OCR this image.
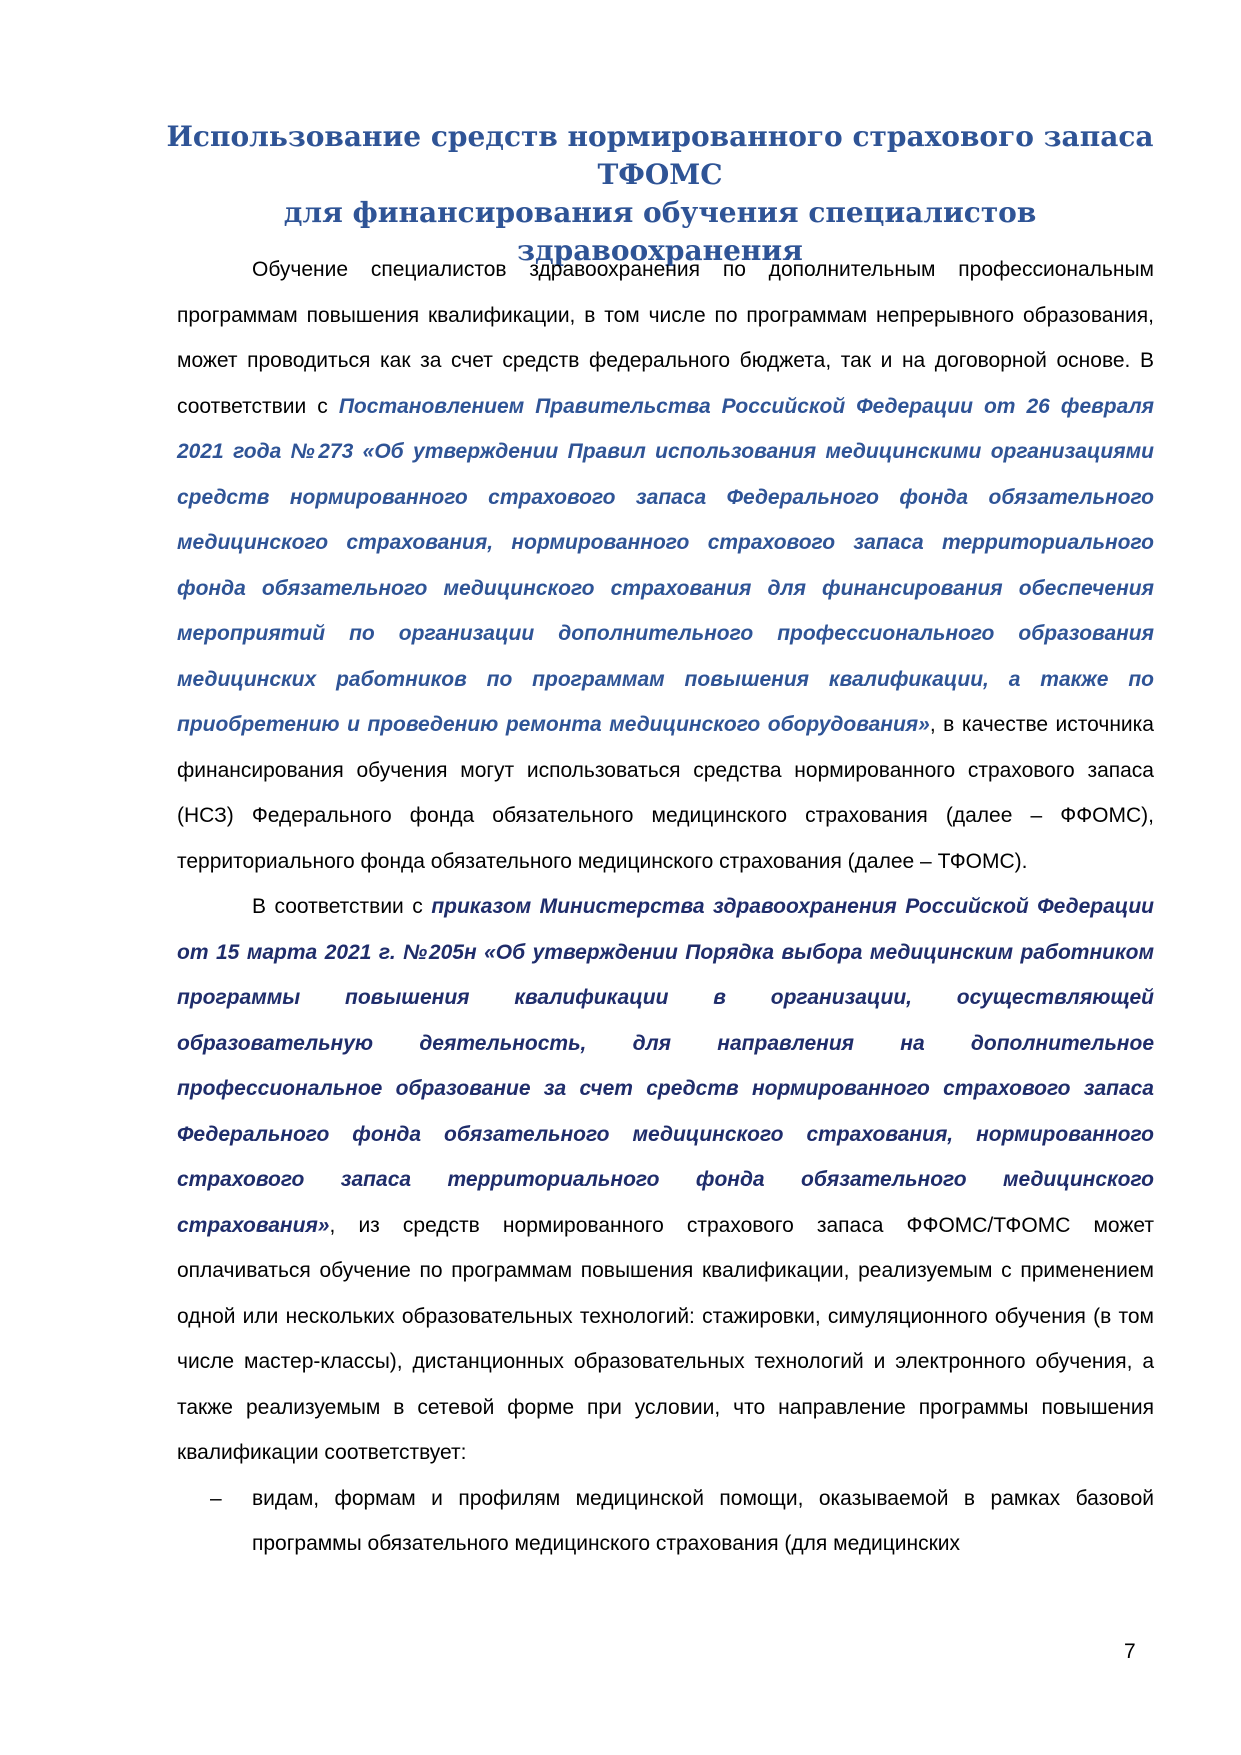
Использование средств нормированного страхового запаса ТФОМС
для финансирования обучения специалистов здравоохранения

Обучение специалистов здравоохранения по дополнительным профессиональным программам повышения квалификации, в том числе по программам непрерывного образования, может проводиться как за счет средств федерального бюджета, так и на договорной основе. В соответствии с Постановлением Правительства Российской Федерации от 26 февраля 2021 года №273 «Об утверждении Правил использования медицинскими организациями средств нормированного страхового запаса Федерального фонда обязательного медицинского страхования, нормированного страхового запаса территориального фонда обязательного медицинского страхования для финансирования обеспечения мероприятий по организации дополнительного профессионального образования медицинских работников по программам повышения квалификации, а также по приобретению и проведению ремонта медицинского оборудования», в качестве источника финансирования обучения могут использоваться средства нормированного страхового запаса (НСЗ) Федерального фонда обязательного медицинского страхования (далее – ФФОМС), территориального фонда обязательного медицинского страхования (далее – ТФОМС).

В соответствии с приказом Министерства здравоохранения Российской Федерации от 15 марта 2021 г. №205н «Об утверждении Порядка выбора медицинским работником программы повышения квалификации в организации, осуществляющей образовательную деятельность, для направления на дополнительное профессиональное образование за счет средств нормированного страхового запаса Федерального фонда обязательного медицинского страхования, нормированного страхового запаса территориального фонда обязательного медицинского страхования», из средств нормированного страхового запаса ФФОМС/ТФОМС может оплачиваться обучение по программам повышения квалификации, реализуемым с применением одной или нескольких образовательных технологий: стажировки, симуляционного обучения (в том числе мастер-классы), дистанционных образовательных технологий и электронного обучения, а также реализуемым в сетевой форме при условии, что направление программы повышения квалификации соответствует:

– видам, формам и профилям медицинской помощи, оказываемой в рамках базовой программы обязательного медицинского страхования (для медицинских
7
